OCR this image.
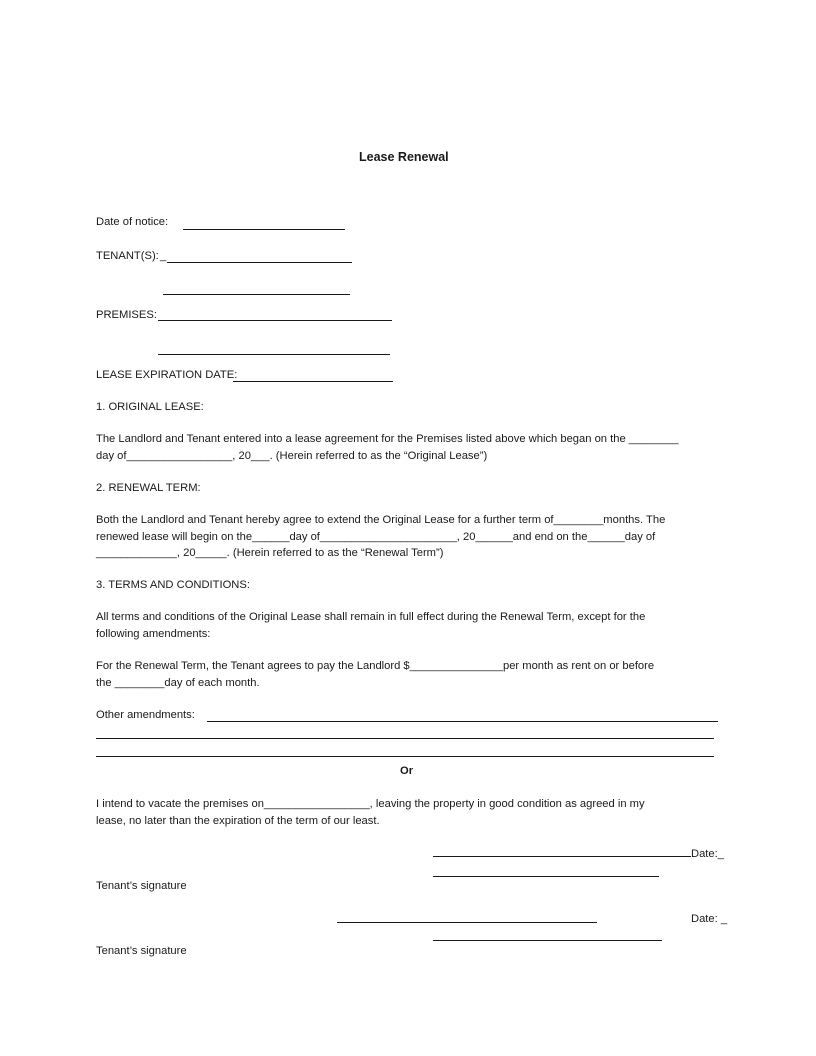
Lease Renewal
Date of notice:
TENANT(S): _
PREMISES:
LEASE EXPIRATION DATE:
1. ORIGINAL LEASE:
The Landlord and Tenant entered into a lease agreement for the Premises listed above which began on the ________
day of_________________, 20___. (Herein referred to as the “Original Lease”)
2. RENEWAL TERM:
Both the Landlord and Tenant hereby agree to extend the Original Lease for a further term of________months. The
renewed lease will begin on the______day of______________________, 20______and end on the______day of
_____________, 20_____. (Herein referred to as the “Renewal Term”)
3. TERMS AND CONDITIONS:
All terms and conditions of the Original Lease shall remain in full effect during the Renewal Term, except for the
following amendments:
For the Renewal Term, the Tenant agrees to pay the Landlord $_______________per month as rent on or before
the ________day of each month.
Other amendments:
Or
I intend to vacate the premises on_________________, leaving the property in good condition as agreed in my
lease, no later than the expiration of the term of our least.
Date:_
Tenant’s signature
Date: _
Tenant’s signature
